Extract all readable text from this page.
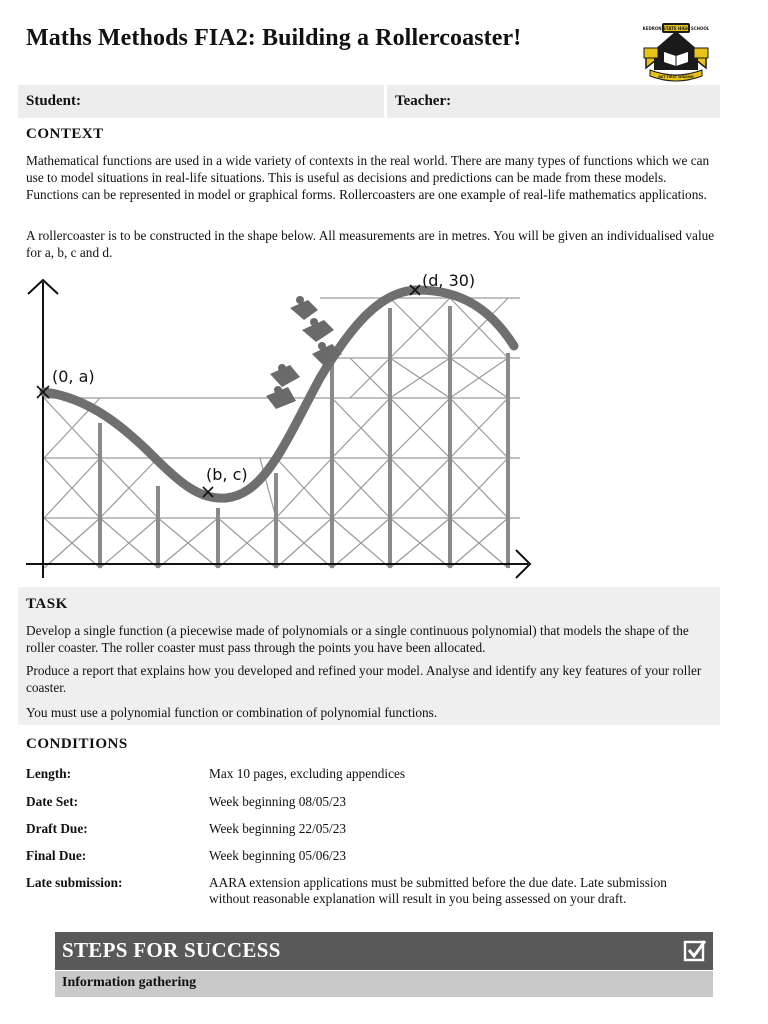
Maths Methods FIA2: Building a Rollercoaster!	KEDRON STATE HIGH SCHOOL
BUT FIRST WISDOM
Student:	Teacher:
CONTEXT
Mathematical functions are used in a wide variety of contexts in the real world. There are many types of functions which we can use to model situations in real-life situations. This is useful as decisions and predictions can be made from these models. Functions can be represented in model or graphical forms. Rollercoasters are one example of real-life mathematics applications.
A rollercoaster is to be constructed in the shape below. All measurements are in metres. You will be given an individualised value for a, b, c and d.
(0, a)
(b, c)
(d, 30)
TASK
Develop a single function (a piecewise made of polynomials or a single continuous polynomial) that models the shape of the roller coaster. The roller coaster must pass through the points you have been allocated.
Produce a report that explains how you developed and refined your model. Analyse and identify any key features of your roller coaster.
You must use a polynomial function or combination of polynomial functions.
CONDITIONS
Length:	Max 10 pages, excluding appendices
Date Set:	Week beginning 08/05/23
Draft Due:	Week beginning 22/05/23
Final Due:	Week beginning 05/06/23
Late submission:	AARA extension applications must be submitted before the due date. Late submission without reasonable explanation will result in you being assessed on your draft.
STEPS FOR SUCCESS
Information gathering
